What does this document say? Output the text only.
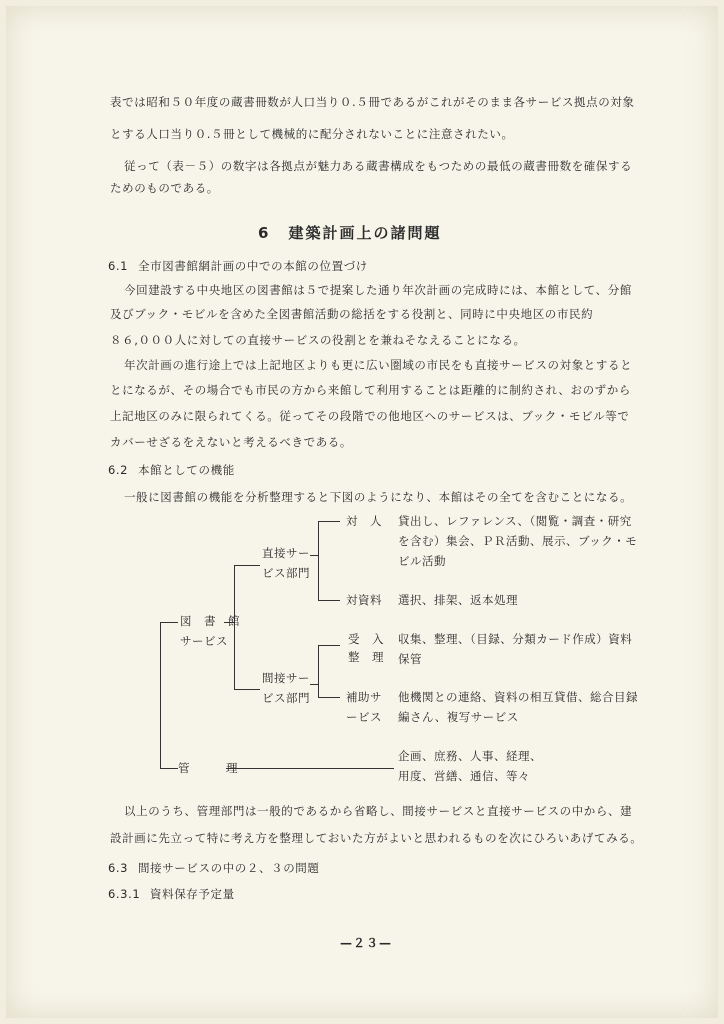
表では昭和５０年度の蔵書冊数が人口当り０.５冊であるがこれがそのまま各サービス拠点の対象
とする人口当り０.５冊として機械的に配分されないことに注意されたい。
従って（表－５）の数字は各拠点が魅力ある蔵書構成をもつための最低の蔵書冊数を確保する
ためのものである。
6 建築計画上の諸問題
6.1 全市図書館網計画の中での本館の位置づけ
今回建設する中央地区の図書館は５で提案した通り年次計画の完成時には、本館として、分館
及びブック・モビルを含めた全図書館活動の総括をする役割と、同時に中央地区の市民約
８６,０００人に対しての直接サービスの役割とを兼ねそなえることになる。
年次計画の進行途上では上記地区よりも更に広い圏域の市民をも直接サービスの対象とすると
とになるが、その場合でも市民の方から来館して利用することは距離的に制約され、おのずから
上記地区のみに限られてくる。従ってその段階での他地区へのサービスは、ブック・モビル等で
カバーせざるをえないと考えるべきである。
6.2 本館としての機能
一般に図書館の機能を分析整理すると下図のようになり、本館はその全てを含むことになる。
図　書　館
サービス
直接サー
ビス部門
間接サー
ビス部門
管　　　理
対　人 貸出し、レファレンス、（閲覧・調査・研究
を含む）集会、ＰＲ活動、展示、ブック・モ
ビル活動
対資料 選択、排架、返本処理
受　入
整　理
収集、整理、（目録、分類カード作成）資料
保管
補助サ
ービス
他機関との連絡、資料の相互貸借、総合目録
編さん、複写サービス
企画、庶務、人事、経理、
用度、営繕、通信、等々
以上のうち、管理部門は一般的であるから省略し、間接サービスと直接サービスの中から、建
設計画に先立って特に考え方を整理しておいた方がよいと思われるものを次にひろいあげてみる。
6.3 間接サービスの中の２、３の問題
6.3.1 資料保存予定量
—２３—
